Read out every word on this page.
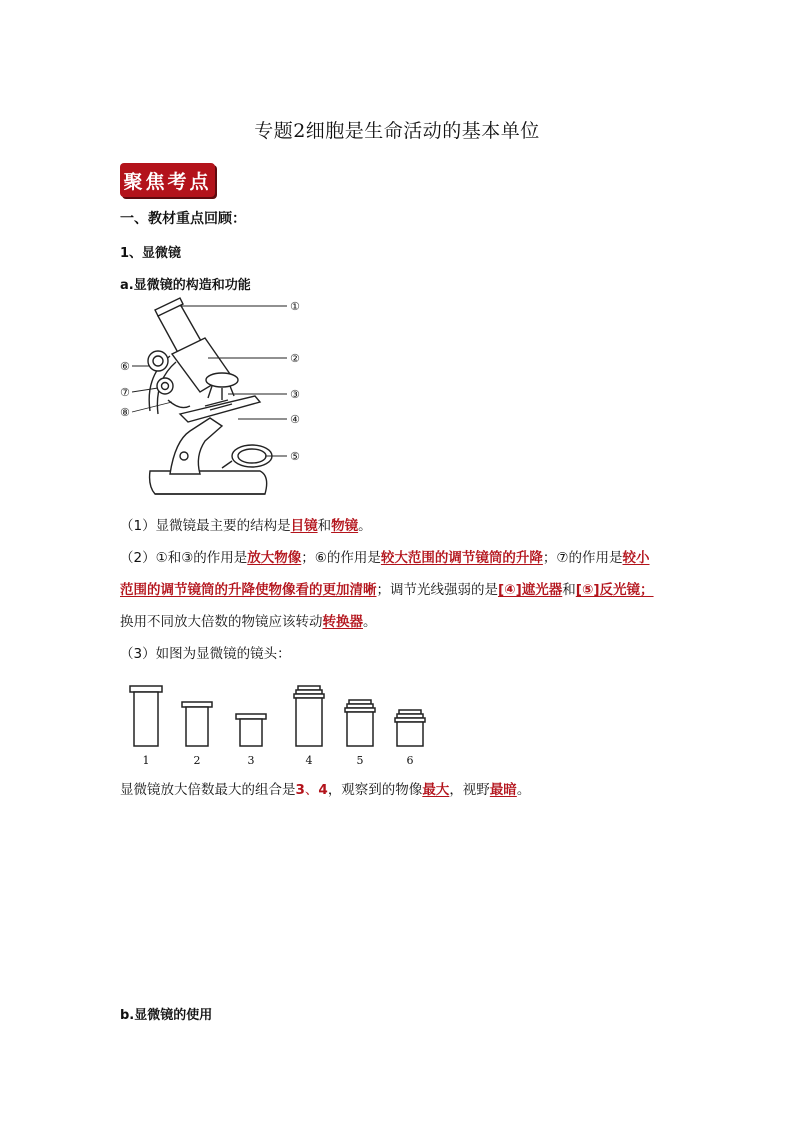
专题2细胞是生命活动的基本单位
聚焦考点
一、教材重点回顾：
1、显微镜
a.显微镜的构造和功能
①
②
③
④
⑤
⑥
⑦
⑧
（1）显微镜最主要的结构是目镜和物镜。
（2）①和③的作用是放大物像；⑥的作用是较大范围的调节镜筒的升降；⑦的作用是较小
范围的调节镜筒的升降使物像看的更加清晰；调节光线强弱的是[④]遮光器和[⑤]反光镜；
换用不同放大倍数的物镜应该转动转换器。
（3）如图为显微镜的镜头：
1	2	3	4	5	6
显微镜放大倍数最大的组合是3、4，观察到的物像最大，视野最暗。
b.显微镜的使用
